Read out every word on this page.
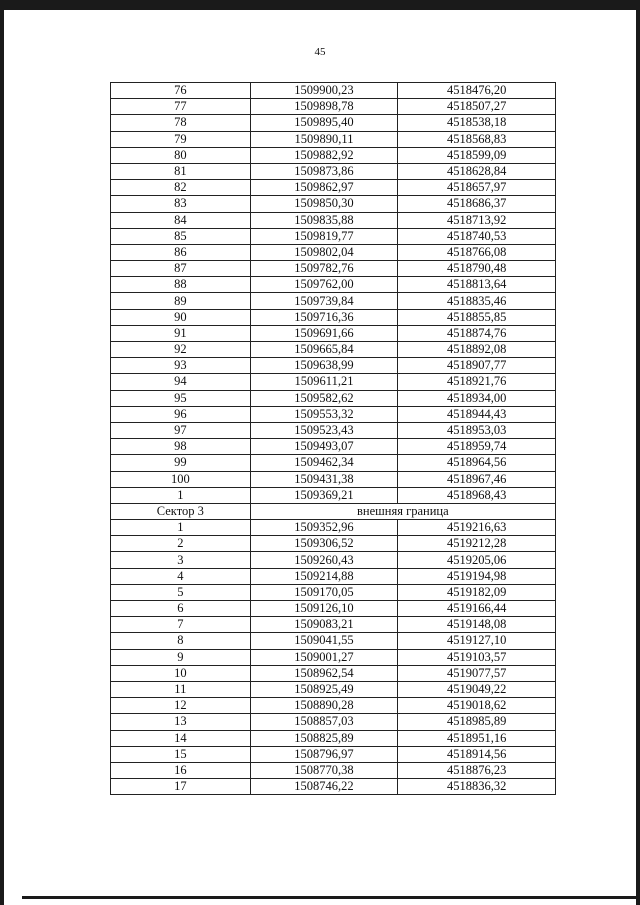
45
76	1509900,23	4518476,20
77	1509898,78	4518507,27
78	1509895,40	4518538,18
79	1509890,11	4518568,83
80	1509882,92	4518599,09
81	1509873,86	4518628,84
82	1509862,97	4518657,97
83	1509850,30	4518686,37
84	1509835,88	4518713,92
85	1509819,77	4518740,53
86	1509802,04	4518766,08
87	1509782,76	4518790,48
88	1509762,00	4518813,64
89	1509739,84	4518835,46
90	1509716,36	4518855,85
91	1509691,66	4518874,76
92	1509665,84	4518892,08
93	1509638,99	4518907,77
94	1509611,21	4518921,76
95	1509582,62	4518934,00
96	1509553,32	4518944,43
97	1509523,43	4518953,03
98	1509493,07	4518959,74
99	1509462,34	4518964,56
100	1509431,38	4518967,46
1	1509369,21	4518968,43
Сектор 3	внешняя граница	
1	1509352,96	4519216,63
2	1509306,52	4519212,28
3	1509260,43	4519205,06
4	1509214,88	4519194,98
5	1509170,05	4519182,09
6	1509126,10	4519166,44
7	1509083,21	4519148,08
8	1509041,55	4519127,10
9	1509001,27	4519103,57
10	1508962,54	4519077,57
11	1508925,49	4519049,22
12	1508890,28	4519018,62
13	1508857,03	4518985,89
14	1508825,89	4518951,16
15	1508796,97	4518914,56
16	1508770,38	4518876,23
17	1508746,22	4518836,32
